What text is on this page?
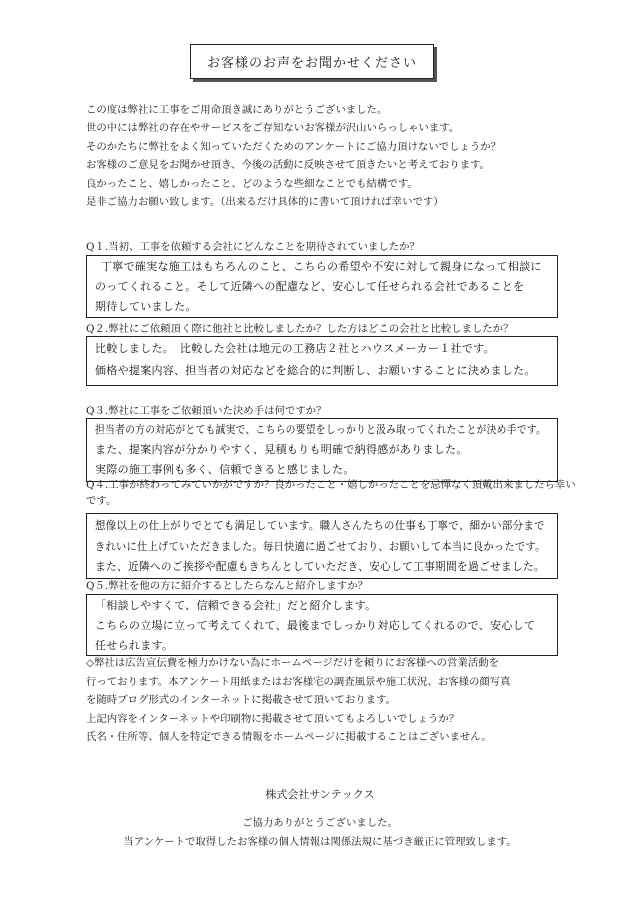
お客様のお声をお聞かせください
この度は弊社に工事をご用命頂き誠にありがとうございました。
世の中には弊社の存在やサービスをご存知ないお客様が沢山いらっしゃいます。
そのかたちに弊社をよく知っていただくためのアンケートにご協力頂けないでしょうか？
お客様のご意見をお聞かせ頂き、今後の活動に反映させて頂きたいと考えております。
良かったこと、嬉しかったこと、どのような些細なことでも結構です。
是非ご協力お願い致します。（出来るだけ具体的に書いて頂ければ幸いです）
Q１.当初、工事を依頼する会社にどんなことを期待されていましたか？
丁寧で確実な施工はもちろんのこと、こちらの希望や不安に対して親身になって相談に
のってくれること。そして近隣への配慮など、安心して任せられる会社であることを
期待していました。
Q２.弊社にご依頼頂く際に他社と比較しましたか？した方はどこの会社と比較しましたか？
比較しました。　比較した会社は地元の工務店２社とハウスメーカー１社です。
価格や提案内容、担当者の対応などを総合的に判断し、お願いすることに決めました。
Q３.弊社に工事をご依頼頂いた決め手は何ですか？
担当者の方の対応がとても誠実で、こちらの要望をしっかりと汲み取ってくれたことが決め手です。
また、提案内容が分かりやすく、見積もりも明確で納得感がありました。
実際の施工事例も多く、信頼できると感じました。
Q４.工事が終わってみていかがですか？良かったこと・嬉しかったことを忌憚なく頂戴出来ましたら幸いです。
想像以上の仕上がりでとても満足しています。職人さんたちの仕事も丁寧で、細かい部分まで
きれいに仕上げていただきました。毎日快適に過ごせており、お願いして本当に良かったです。
また、近隣へのご挨拶や配慮もきちんとしていただき、安心して工事期間を過ごせました。
Q５.弊社を他の方に紹介するとしたらなんと紹介しますか？
「相談しやすくて、信頼できる会社」だと紹介します。
こちらの立場に立って考えてくれて、最後までしっかり対応してくれるので、安心して
任せられます。
◇弊社は広告宣伝費を極力かけない為にホームページだけを頼りにお客様への営業活動を
行っております。本アンケート用紙またはお客様宅の調査風景や施工状況、お客様の顔写真
を随時ブログ形式のインターネットに掲載させて頂いております。
上記内容をインターネットや印刷物に掲載させて頂いてもよろしいでしょうか？
氏名・住所等、個人を特定できる情報をホームページに掲載することはございません。
株式会社サンテックス
ご協力ありがとうございました。
当アンケートで取得したお客様の個人情報は関係法規に基づき厳正に管理致します。
